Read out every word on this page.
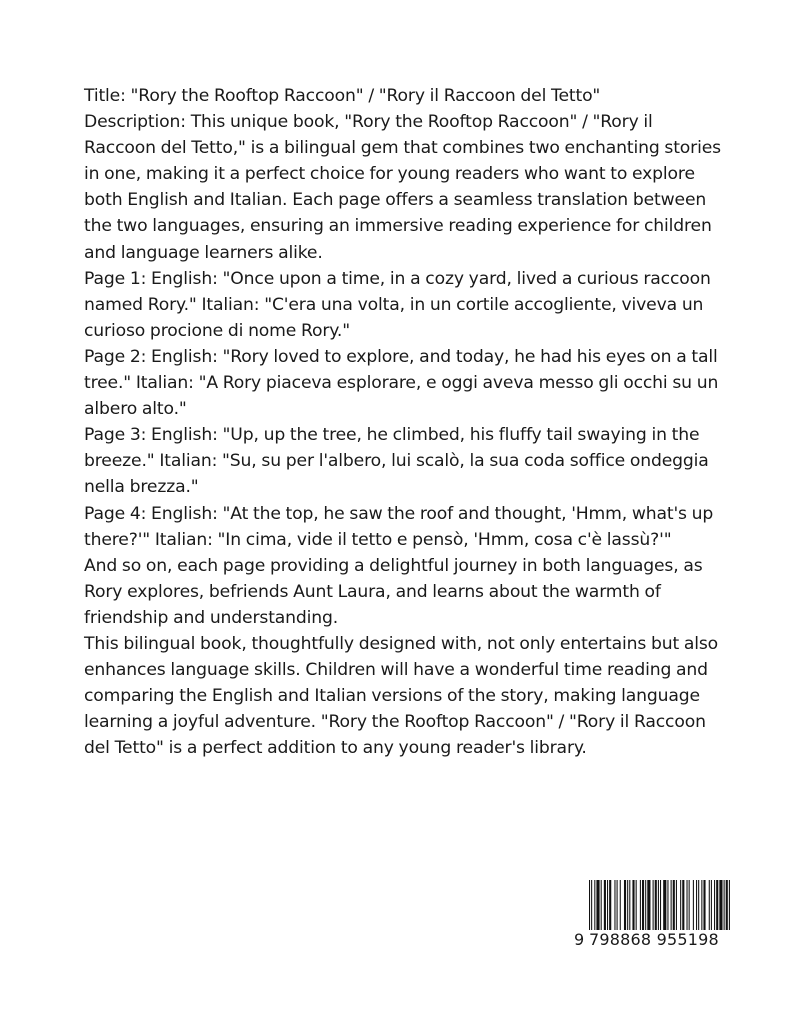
Title: "Rory the Rooftop Raccoon" / "Rory il Raccoon del Tetto"

Description: This unique book, "Rory the Rooftop Raccoon" / "Rory il Raccoon del Tetto," is a bilingual gem that combines two enchanting stories in one, making it a perfect choice for young readers who want to explore both English and Italian. Each page offers a seamless translation between the two languages, ensuring an immersive reading experience for children and language learners alike.

Page 1: English: "Once upon a time, in a cozy yard, lived a curious raccoon named Rory." Italian: "C'era una volta, in un cortile accogliente, viveva un curioso procione di nome Rory."

Page 2: English: "Rory loved to explore, and today, he had his eyes on a tall tree." Italian: "A Rory piaceva esplorare, e oggi aveva messo gli occhi su un albero alto."

Page 3: English: "Up, up the tree, he climbed, his fluffy tail swaying in the breeze." Italian: "Su, su per l'albero, lui scalò, la sua coda soffice ondeggia nella brezza."

Page 4: English: "At the top, he saw the roof and thought, 'Hmm, what's up there?'" Italian: "In cima, vide il tetto e pensò, 'Hmm, cosa c'è lassù?'"

And so on, each page providing a delightful journey in both languages, as Rory explores, befriends Aunt Laura, and learns about the warmth of friendship and understanding.

This bilingual book, thoughtfully designed with, not only entertains but also enhances language skills. Children will have a wonderful time reading and comparing the English and Italian versions of the story, making language learning a joyful adventure. "Rory the Rooftop Raccoon" / "Rory il Raccoon del Tetto" is a perfect addition to any young reader's library.

9 798868 955198
